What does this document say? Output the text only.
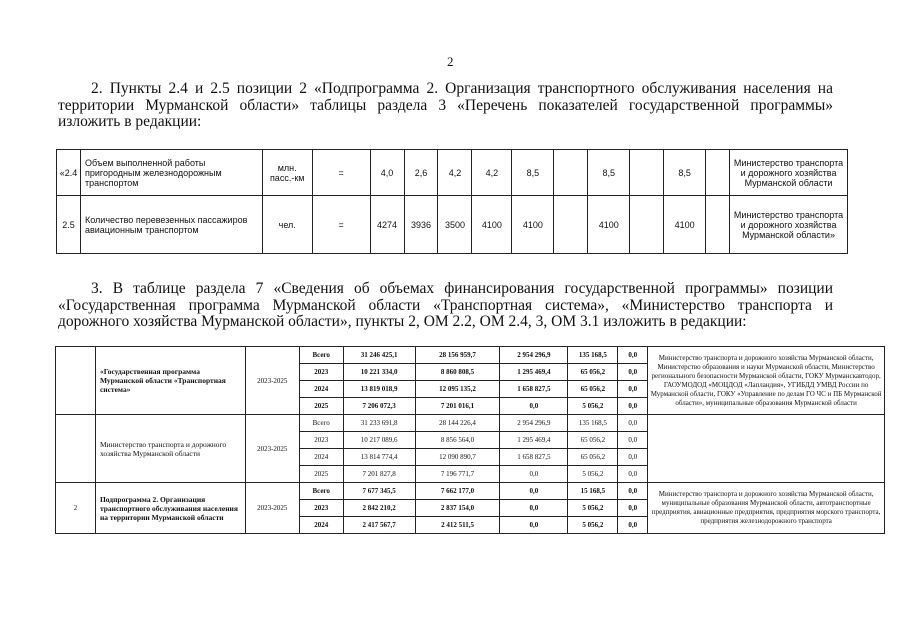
2
2. Пункты 2.4 и 2.5 позиции 2 «Подпрограмма 2. Организация транспортного обслуживания населения на территории Мурманской области» таблицы раздела 3 «Перечень показателей государственной программы» изложить в редакции:
«2.4	Объем выполненной работы пригородным железнодорожным транспортом	млн. пасс.-км	=	4,0	2,6	4,2	4,2	8,5		8,5		8,5		Министерство транспорта и дорожного хозяйства Мурманской области
2.5	Количество перевезенных пассажиров авиационным транспортом	чел.	=	4274	3936	3500	4100	4100		4100		4100		Министерство транспорта и дорожного хозяйства Мурманской области»
3. В таблице раздела 7 «Сведения об объемах финансирования государственной программы» позиции «Государственная программа Мурманской области «Транспортная система», «Министерство транспорта и дорожного хозяйства Мурманской области», пункты 2, ОМ 2.2, ОМ 2.4, 3, ОМ 3.1 изложить в редакции:
	«Государственная программа Мурманской области «Транспортная система»	2023-2025	Всего	31 246 425,1	28 156 959,7	2 954 296,9	135 168,5	0,0	Министерство транспорта и дорожного хозяйства Мурманской области, Министерство образования и науки Мурманской области, Министерство регионального безопасности Мурманской области, ГОКУ Мурманскавтодор, ГАОУМОДОД «МОЦДОД «Лапландия», УГИБДД УМВД России по Мурманской области, ГОКУ «Управление по делам ГО ЧС и ПБ Мурманской области», муниципальные образования Мурманской области
			2023	10 221 334,0	8 860 808,5	1 295 469,4	65 056,2	0,0	
			2024	13 819 018,9	12 095 135,2	1 658 827,5	65 056,2	0,0	
			2025	7 206 072,3	7 201 016,1	0,0	5 056,2	0,0	
	Министерство транспорта и дорожного хозяйства Мурманской области	2023-2025	Всего	31 233 691,8	28 144 226,4	2 954 296,9	135 168,5	0,0	
			2023	10 217 089,6	8 856 564,0	1 295 469,4	65 056,2	0,0	
			2024	13 814 774,4	12 090 890,7	1 658 827,5	65 056,2	0,0	
			2025	7 201 827,8	7 196 771,7	0,0	5 056,2	0,0	
2	Подпрограмма 2. Организация транспортного обслуживания населения на территории Мурманской области	2023-2025	Всего	7 677 345,5	7 662 177,0	0,0	15 168,5	0,0	Министерство транспорта и дорожного хозяйства Мурманской области, муниципальные образования Мурманской области, автотранспортные предприятия, авиационные предприятия, предприятия морского транспорта, предприятия железнодорожного транспорта
			2023	2 842 210,2	2 837 154,0	0,0	5 056,2	0,0	
			2024	2 417 567,7	2 412 511,5	0,0	5 056,2	0,0	
